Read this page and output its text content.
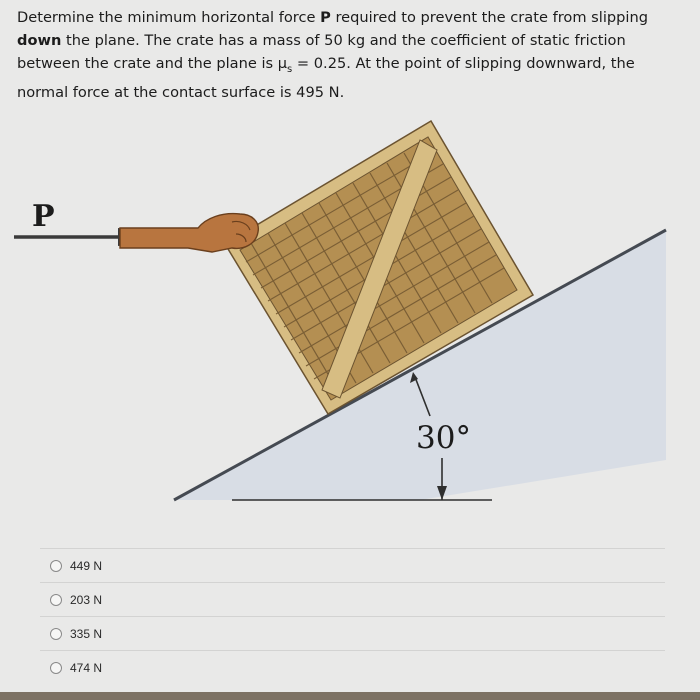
P
30°

Determine the minimum horizontal force P required to prevent the crate from slipping down the plane. The crate has a mass of 50 kg and the coefficient of static friction between the crate and the plane is $\mu_s = 0.25$. At the point of slipping downward, the normal force at the contact surface is 495 N.

449 N
203 N
335 N
474 N
